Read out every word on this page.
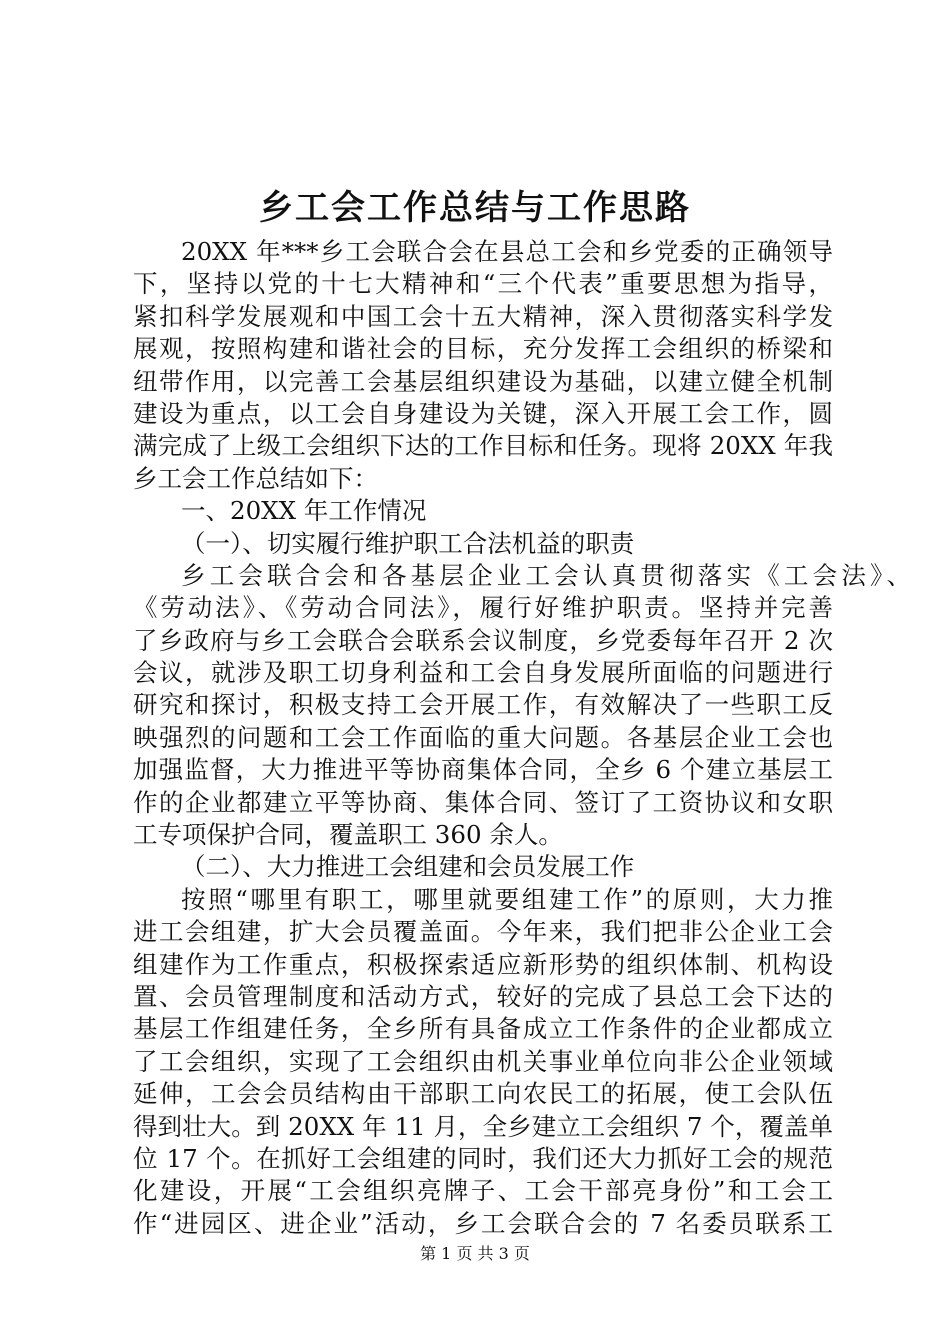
乡工会工作总结与工作思路
20XX 年***乡工会联合会在县总工会和乡党委的正确领导
下，坚持以党的十七大精神和“三个代表”重要思想为指导，
紧扣科学发展观和中国工会十五大精神，深入贯彻落实科学发
展观，按照构建和谐社会的目标，充分发挥工会组织的桥梁和
纽带作用，以完善工会基层组织建设为基础，以建立健全机制
建设为重点，以工会自身建设为关键，深入开展工会工作，圆
满完成了上级工会组织下达的工作目标和任务。现将 20XX 年我
乡工会工作总结如下：
一、20XX 年工作情况
（一）、切实履行维护职工合法机益的职责
乡工会联合会和各基层企业工会认真贯彻落实《工会法》、
《劳动法》、《劳动合同法》，履行好维护职责。坚持并完善
了乡政府与乡工会联合会联系会议制度，乡党委每年召开 2 次
会议，就涉及职工切身利益和工会自身发展所面临的问题进行
研究和探讨，积极支持工会开展工作，有效解决了一些职工反
映强烈的问题和工会工作面临的重大问题。各基层企业工会也
加强监督，大力推进平等协商集体合同，全乡 6 个建立基层工
作的企业都建立平等协商、集体合同、签订了工资协议和女职
工专项保护合同，覆盖职工 360 余人。
（二）、大力推进工会组建和会员发展工作
按照“哪里有职工，哪里就要组建工作”的原则，大力推
进工会组建，扩大会员覆盖面。今年来，我们把非公企业工会
组建作为工作重点，积极探索适应新形势的组织体制、机构设
置、会员管理制度和活动方式，较好的完成了县总工会下达的
基层工作组建任务，全乡所有具备成立工作条件的企业都成立
了工会组织，实现了工会组织由机关事业单位向非公企业领域
延伸，工会会员结构由干部职工向农民工的拓展，使工会队伍
得到壮大。到 20XX 年 11 月，全乡建立工会组织 7 个，覆盖单
位 17 个。在抓好工会组建的同时，我们还大力抓好工会的规范
化建设，开展“工会组织亮牌子、工会干部亮身份”和工会工
作“进园区、进企业”活动，乡工会联合会的 7 名委员联系工
第 1 页 共 3 页
